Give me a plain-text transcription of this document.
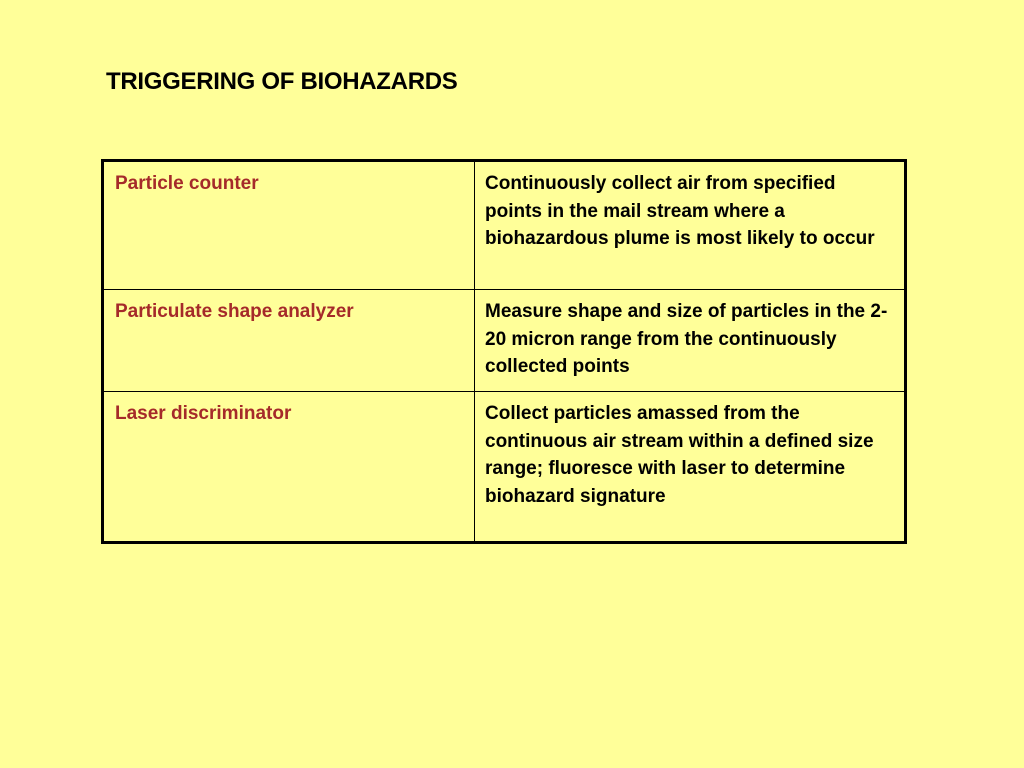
TRIGGERING OF BIOHAZARDS
Particle counter	Continuously collect air from specified points in the mail stream where a biohazardous plume is most likely to occur
Particulate shape analyzer	Measure shape and size of particles in the 2-20 micron range from the continuously collected points
Laser discriminator	Collect particles amassed from the continuous air stream within a defined size range; fluoresce with laser to determine biohazard signature
